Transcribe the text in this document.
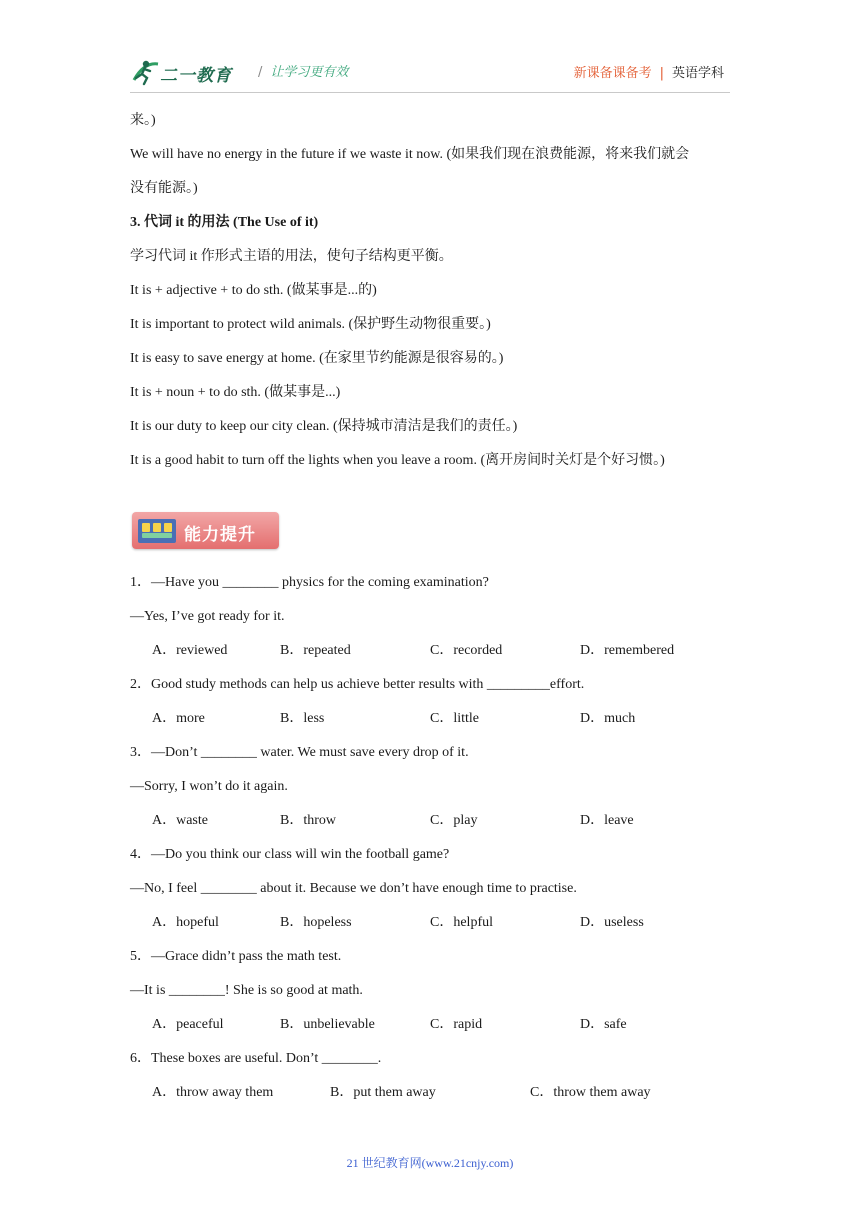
二一教育 / 让学习更有效	新课备课备考 | 英语学科
来。)
We will have no energy in the future if we waste it now. (如果我们现在浪费能源，将来我们就会
没有能源。)
3. 代词 it 的用法 (The Use of it)
学习代词 it 作形式主语的用法，使句子结构更平衡。
It is + adjective + to do sth. (做某事是...的)
It is important to protect wild animals. (保护野生动物很重要。)
It is easy to save energy at home. (在家里节约能源是很容易的。)
It is + noun + to do sth. (做某事是...)
It is our duty to keep our city clean. (保持城市清洁是我们的责任。)
It is a good habit to turn off the lights when you leave a room. (离开房间时关灯是个好习惯。)
能力提升
1．—Have you ________ physics for the coming examination?
—Yes, I’ve got ready for it.
A．reviewed	B．repeated	C．recorded	D．remembered
2．Good study methods can help us achieve better results with _________effort.
A．more	B．less	C．little	D．much
3．—Don’t ________ water. We must save every drop of it.
—Sorry, I won’t do it again.
A．waste	B．throw	C．play	D．leave
4．—Do you think our class will win the football game?
—No, I feel ________ about it. Because we don’t have enough time to practise.
A．hopeful	B．hopeless	C．helpful	D．useless
5．—Grace didn’t pass the math test.
—It is ________! She is so good at math.
A．peaceful	B．unbelievable	C．rapid	D．safe
6．These boxes are useful. Don’t ________.
A．throw away them	B．put them away	C．throw them away
21 世纪教育网(www.21cnjy.com)
